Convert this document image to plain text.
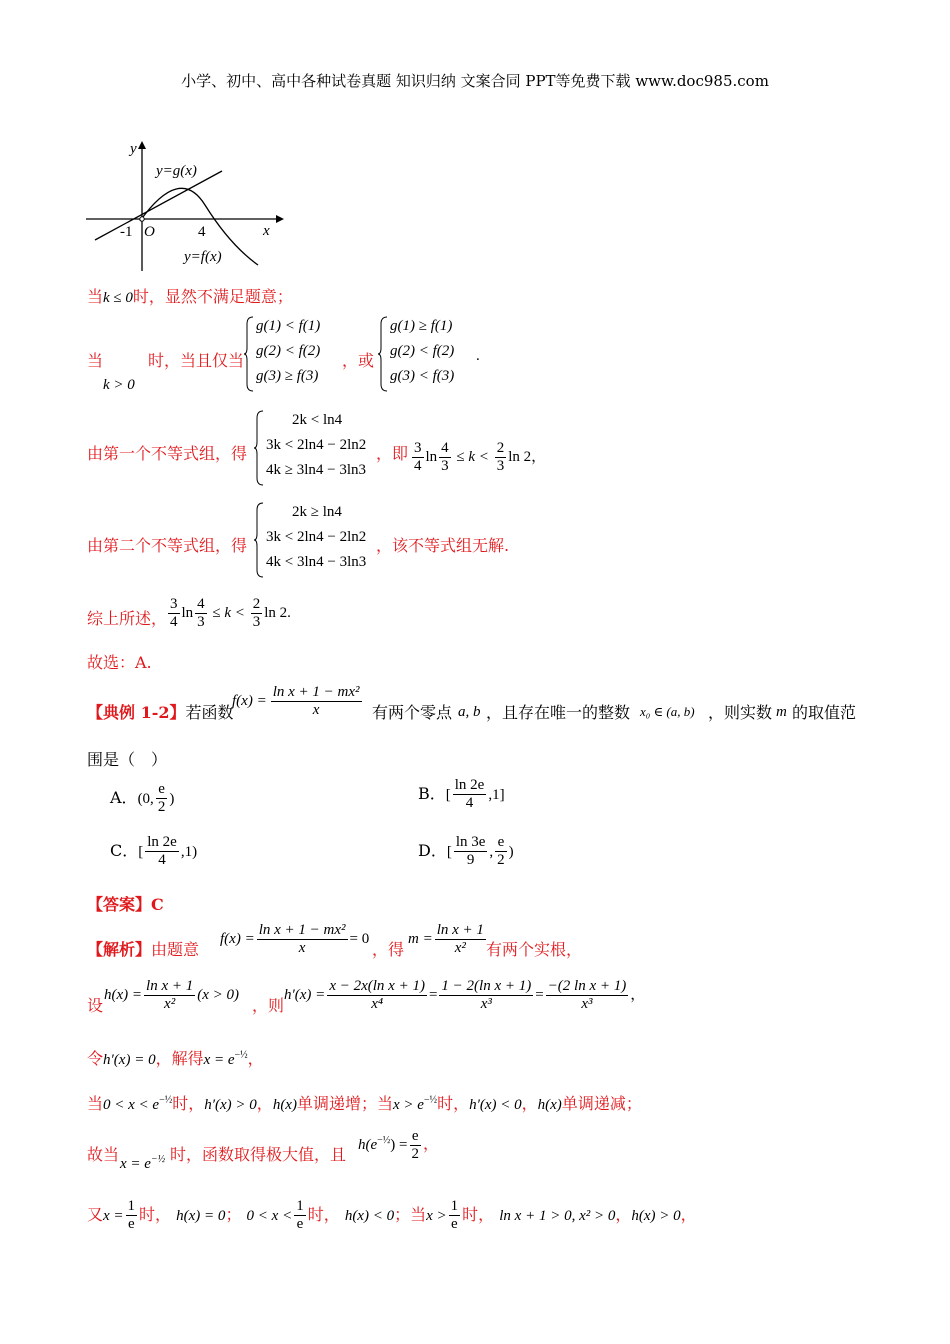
小学、初中、高中各种试卷真题 知识归纳 文案合同 PPT等免费下载 www.doc985.com
y
x
O
-1	4
y=g(x)
y=f(x)
当k ≤ 0时，显然不满足题意；
当
k > 0
时，当且仅当
g(1) < f(1)
g(2) < f(2)
g(3) ≥ f(3)
，或
g(1) ≥ f(1)
g(2) < f(2)
g(3) < f(3)
.
由第一个不等式组，得
2k < ln4
3k < 2ln4 − 2ln2
4k ≥ 3ln4 − 3ln3
，即 $\frac{3}{4}$ $\ln \frac{4}{3} \le k < \frac{2}{3}$ ln 2，
由第二个不等式组，得
2k ≥ ln4
3k < 2ln4 − 2ln2
4k < 3ln4 − 3ln3
，该不等式组无解.
综上所述， $\frac{3}{4}$ $\ln \frac{4}{3} \le k < \frac{2}{3}$ ln 2.
故选：A.
【典例 1-2】若函数
$f(x) = \frac{\text{ln x + 1 − mx²}}{x}$ 有两个零点 a, b ，且存在唯一的整数 x₀ ∈ (a, b) ，则实数 m 的取值范
围是（　）
A．(0, $\frac{e}{2}$ )	B．[ $\frac{\ln 2e}{4} ,1$]
C．[ $\frac{\ln 2e}{4} ,1$)	D．[ $\frac{\ln 3e}{9}$ , $\frac{e}{2}$ )
【答案】C
【解析】由题意
$f(x) = \frac{\text{ln x + 1 − mx²}}{x} = 0$
，得
$m = \frac{\text{ln x + 1}}{\text{x²}}$ 有两个实根，
设
$h(x) = \frac{\text{ln x + 1}}{\text{x²}} (x > 0)$
，则
$h'(x) = \frac{\text{x − 2x(ln x + 1)}}{\text{x⁴}} = \frac{\text{1 − 2(ln x + 1)}}{\text{x³}} = \frac{\text{−(2 ln x + 1)}}{\text{x³}}$ ，
令h′(x) = 0，解得$x = e^{-\frac{1}{2}}$，
当$0 < x < e^{-\frac{1}{2}}$时，h′(x) > 0，h(x)单调递增；当$x > e^{-\frac{1}{2}}$时，h′(x) < 0，h(x)单调递减；
故当 $x = e^{-\frac{1}{2}}$ 时，函数取得极大值，且
$h(e^{-\frac{1}{2}}) = \frac{e}{2}$ ，
又$x = \frac{1}{e}$ 时， h(x) = 0； $0 < x < \frac{1}{e}$ 时， h(x) < 0；当$x > \frac{1}{e}$ 时， ln x + 1 > 0, x² > 0，h(x) > 0，
